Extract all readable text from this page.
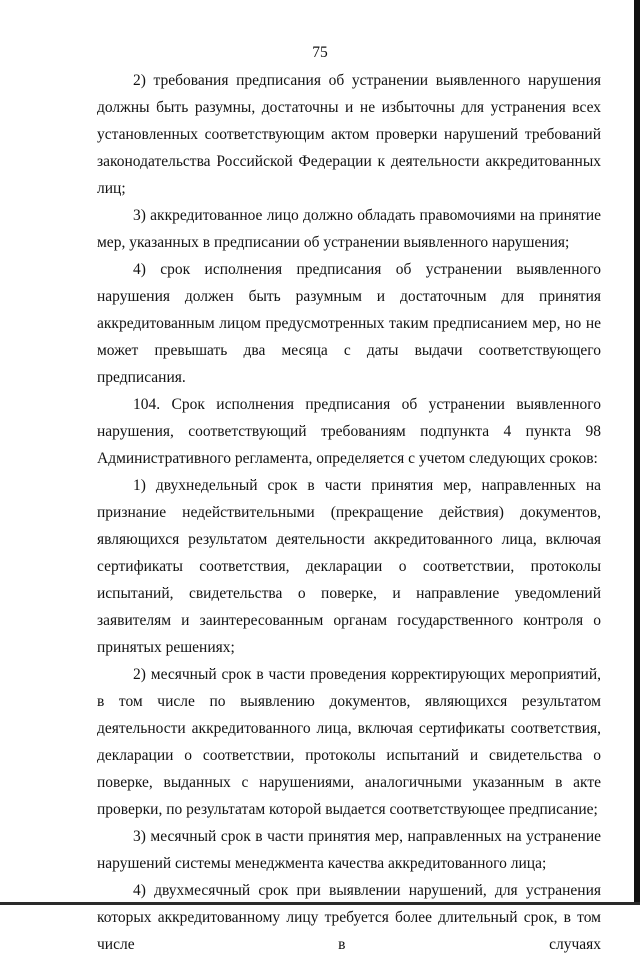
75

2) требования предписания об устранении выявленного нарушения должны быть разумны, достаточны и не избыточны для устранения всех установленных соответствующим актом проверки нарушений требований законодательства Российской Федерации к деятельности аккредитованных лиц;

3) аккредитованное лицо должно обладать правомочиями на принятие мер, указанных в предписании об устранении выявленного нарушения;

4) срок исполнения предписания об устранении выявленного нарушения должен быть разумным и достаточным для принятия аккредитованным лицом предусмотренных таким предписанием мер, но не может превышать два месяца с даты выдачи соответствующего предписания.

104. Срок исполнения предписания об устранении выявленного нарушения, соответствующий требованиям подпункта 4 пункта 98 Административного регламента, определяется с учетом следующих сроков:

1) двухнедельный срок в части принятия мер, направленных на признание недействительными (прекращение действия) документов, являющихся результатом деятельности аккредитованного лица, включая сертификаты соответствия, декларации о соответствии, протоколы испытаний, свидетельства о поверке, и направление уведомлений заявителям и заинтересованным органам государственного контроля о принятых решениях;

2) месячный срок в части проведения корректирующих мероприятий, в том числе по выявлению документов, являющихся результатом деятельности аккредитованного лица, включая сертификаты соответствия, декларации о соответствии, протоколы испытаний и свидетельства о поверке, выданных с нарушениями, аналогичными указанным в акте проверки, по результатам которой выдается соответствующее предписание;

3) месячный срок в части принятия мер, направленных на устранение нарушений системы менеджмента качества аккредитованного лица;

4) двухмесячный срок при выявлении нарушений, для устранения которых аккредитованному лицу требуется более длительный срок, в том числе в случаях
